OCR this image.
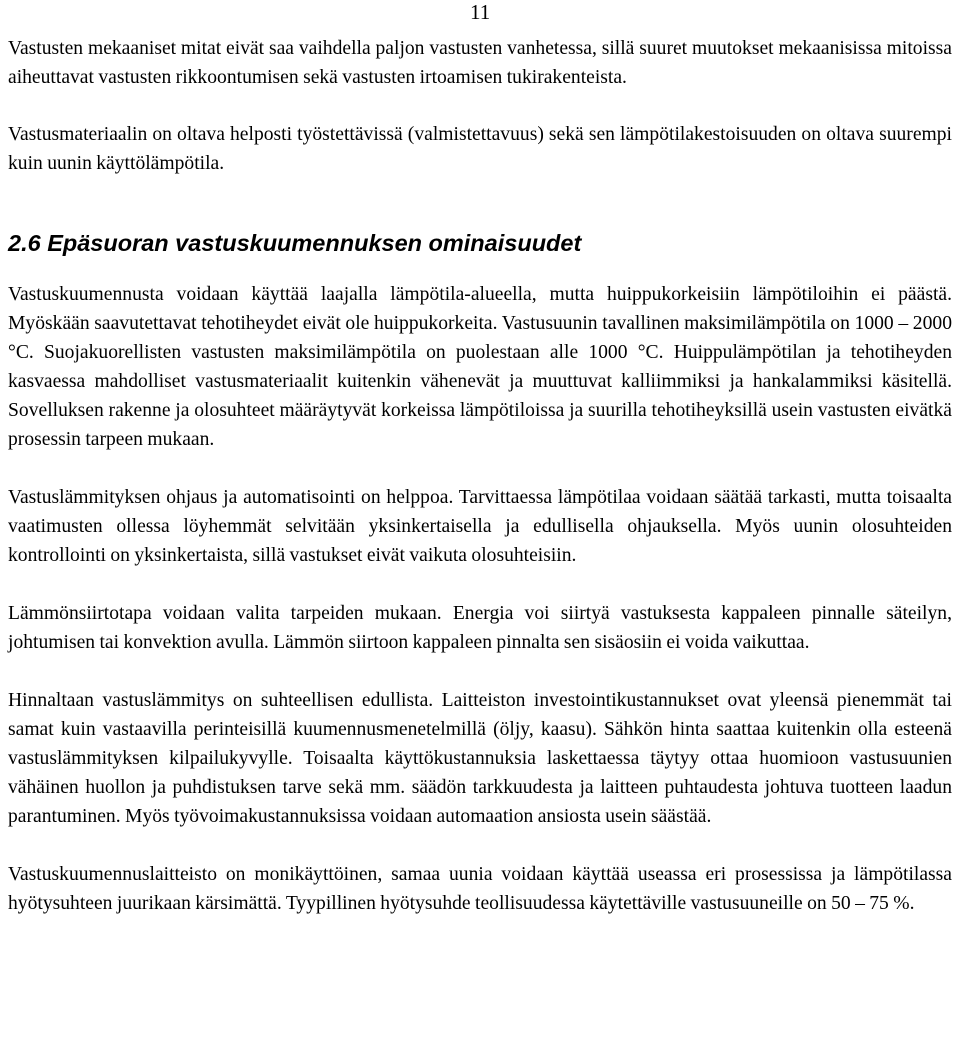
11

Vastusten mekaaniset mitat eivät saa vaihdella paljon vastusten vanhetessa, sillä suuret muutokset mekaanisissa mitoissa aiheuttavat vastusten rikkoontumisen sekä vastusten irtoamisen tukirakenteista.

Vastusmateriaalin on oltava helposti työstettävissä (valmistettavuus) sekä sen lämpötilakestoisuuden on oltava suurempi kuin uunin käyttölämpötila.

2.6 Epäsuoran vastuskuumennuksen ominaisuudet

Vastuskuumennusta voidaan käyttää laajalla lämpötila-alueella, mutta huippukorkeisiin lämpötiloihin ei päästä. Myöskään saavutettavat tehotiheydet eivät ole huippukorkeita. Vastusuunin tavallinen maksimilämpötila on 1000 – 2000 °C. Suojakuorellisten vastusten maksimilämpötila on puolestaan alle 1000 °C. Huippulämpötilan ja tehotiheyden kasvaessa mahdolliset vastusmateriaalit kuitenkin vähenevät ja muuttuvat kalliimmiksi ja hankalammiksi käsitellä. Sovelluksen rakenne ja olosuhteet määräytyvät korkeissa lämpötiloissa ja suurilla tehotiheyksillä usein vastusten eivätkä prosessin tarpeen mukaan.

Vastuslämmityksen ohjaus ja automatisointi on helppoa. Tarvittaessa lämpötilaa voidaan säätää tarkasti, mutta toisaalta vaatimusten ollessa löyhemmät selvitään yksinkertaisella ja edullisella ohjauksella. Myös uunin olosuhteiden kontrollointi on yksinkertaista, sillä vastukset eivät vaikuta olosuhteisiin.

Lämmönsiirtotapa voidaan valita tarpeiden mukaan. Energia voi siirtyä vastuksesta kappaleen pinnalle säteilyn, johtumisen tai konvektion avulla. Lämmön siirtoon kappaleen pinnalta sen sisäosiin ei voida vaikuttaa.

Hinnaltaan vastuslämmitys on suhteellisen edullista. Laitteiston investointikustannukset ovat yleensä pienemmät tai samat kuin vastaavilla perinteisillä kuumennusmenetelmillä (öljy, kaasu). Sähkön hinta saattaa kuitenkin olla esteenä vastuslämmityksen kilpailukyvylle. Toisaalta käyttökustannuksia laskettaessa täytyy ottaa huomioon vastusuunien vähäinen huollon ja puhdistuksen tarve sekä mm. säädön tarkkuudesta ja laitteen puhtaudesta johtuva tuotteen laadun parantuminen. Myös työvoimakustannuksissa voidaan automaation ansiosta usein säästää.

Vastuskuumennuslaitteisto on monikäyttöinen, samaa uunia voidaan käyttää useassa eri prosessissa ja lämpötilassa hyötysuhteen juurikaan kärsimättä. Tyypillinen hyötysuhde teollisuudessa käytettäville vastusuuneille on 50 – 75 %.
